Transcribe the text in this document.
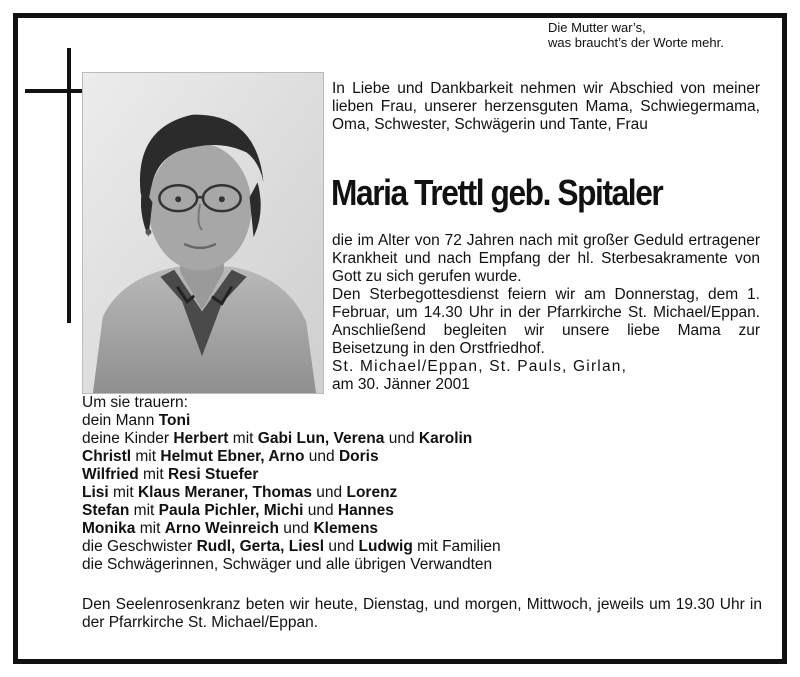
Die Mutter war’s,
was braucht’s der Worte mehr.
In Liebe und Dankbarkeit nehmen wir Abschied von meiner lieben Frau, unserer herzensguten Mama, Schwiegermama, Oma, Schwester, Schwägerin und Tante, Frau
Maria Trettl geb. Spitaler
die im Alter von 72 Jahren nach mit großer Geduld ertragener Krankheit und nach Empfang der hl. Sterbesakramente von Gott zu sich gerufen wurde.
Den Sterbegottesdienst feiern wir am Donnerstag, dem 1. Februar, um 14.30 Uhr in der Pfarrkirche St. Michael/Eppan. Anschließend begleiten wir unsere liebe Mama zur Beisetzung in den Orstfriedhof.
St. Michael/Eppan, St. Pauls, Girlan,
am 30. Jänner 2001
Um sie trauern:
dein Mann Toni
deine Kinder Herbert mit Gabi Lun, Verena und Karolin
Christl mit Helmut Ebner, Arno und Doris
Wilfried mit Resi Stuefer
Lisi mit Klaus Meraner, Thomas und Lorenz
Stefan mit Paula Pichler, Michi und Hannes
Monika mit Arno Weinreich und Klemens
die Geschwister Rudl, Gerta, Liesl und Ludwig mit Familien
die Schwägerinnen, Schwäger und alle übrigen Verwandten
Den Seelenrosenkranz beten wir heute, Dienstag, und morgen, Mittwoch, jeweils um 19.30 Uhr in der Pfarrkirche St. Michael/Eppan.
